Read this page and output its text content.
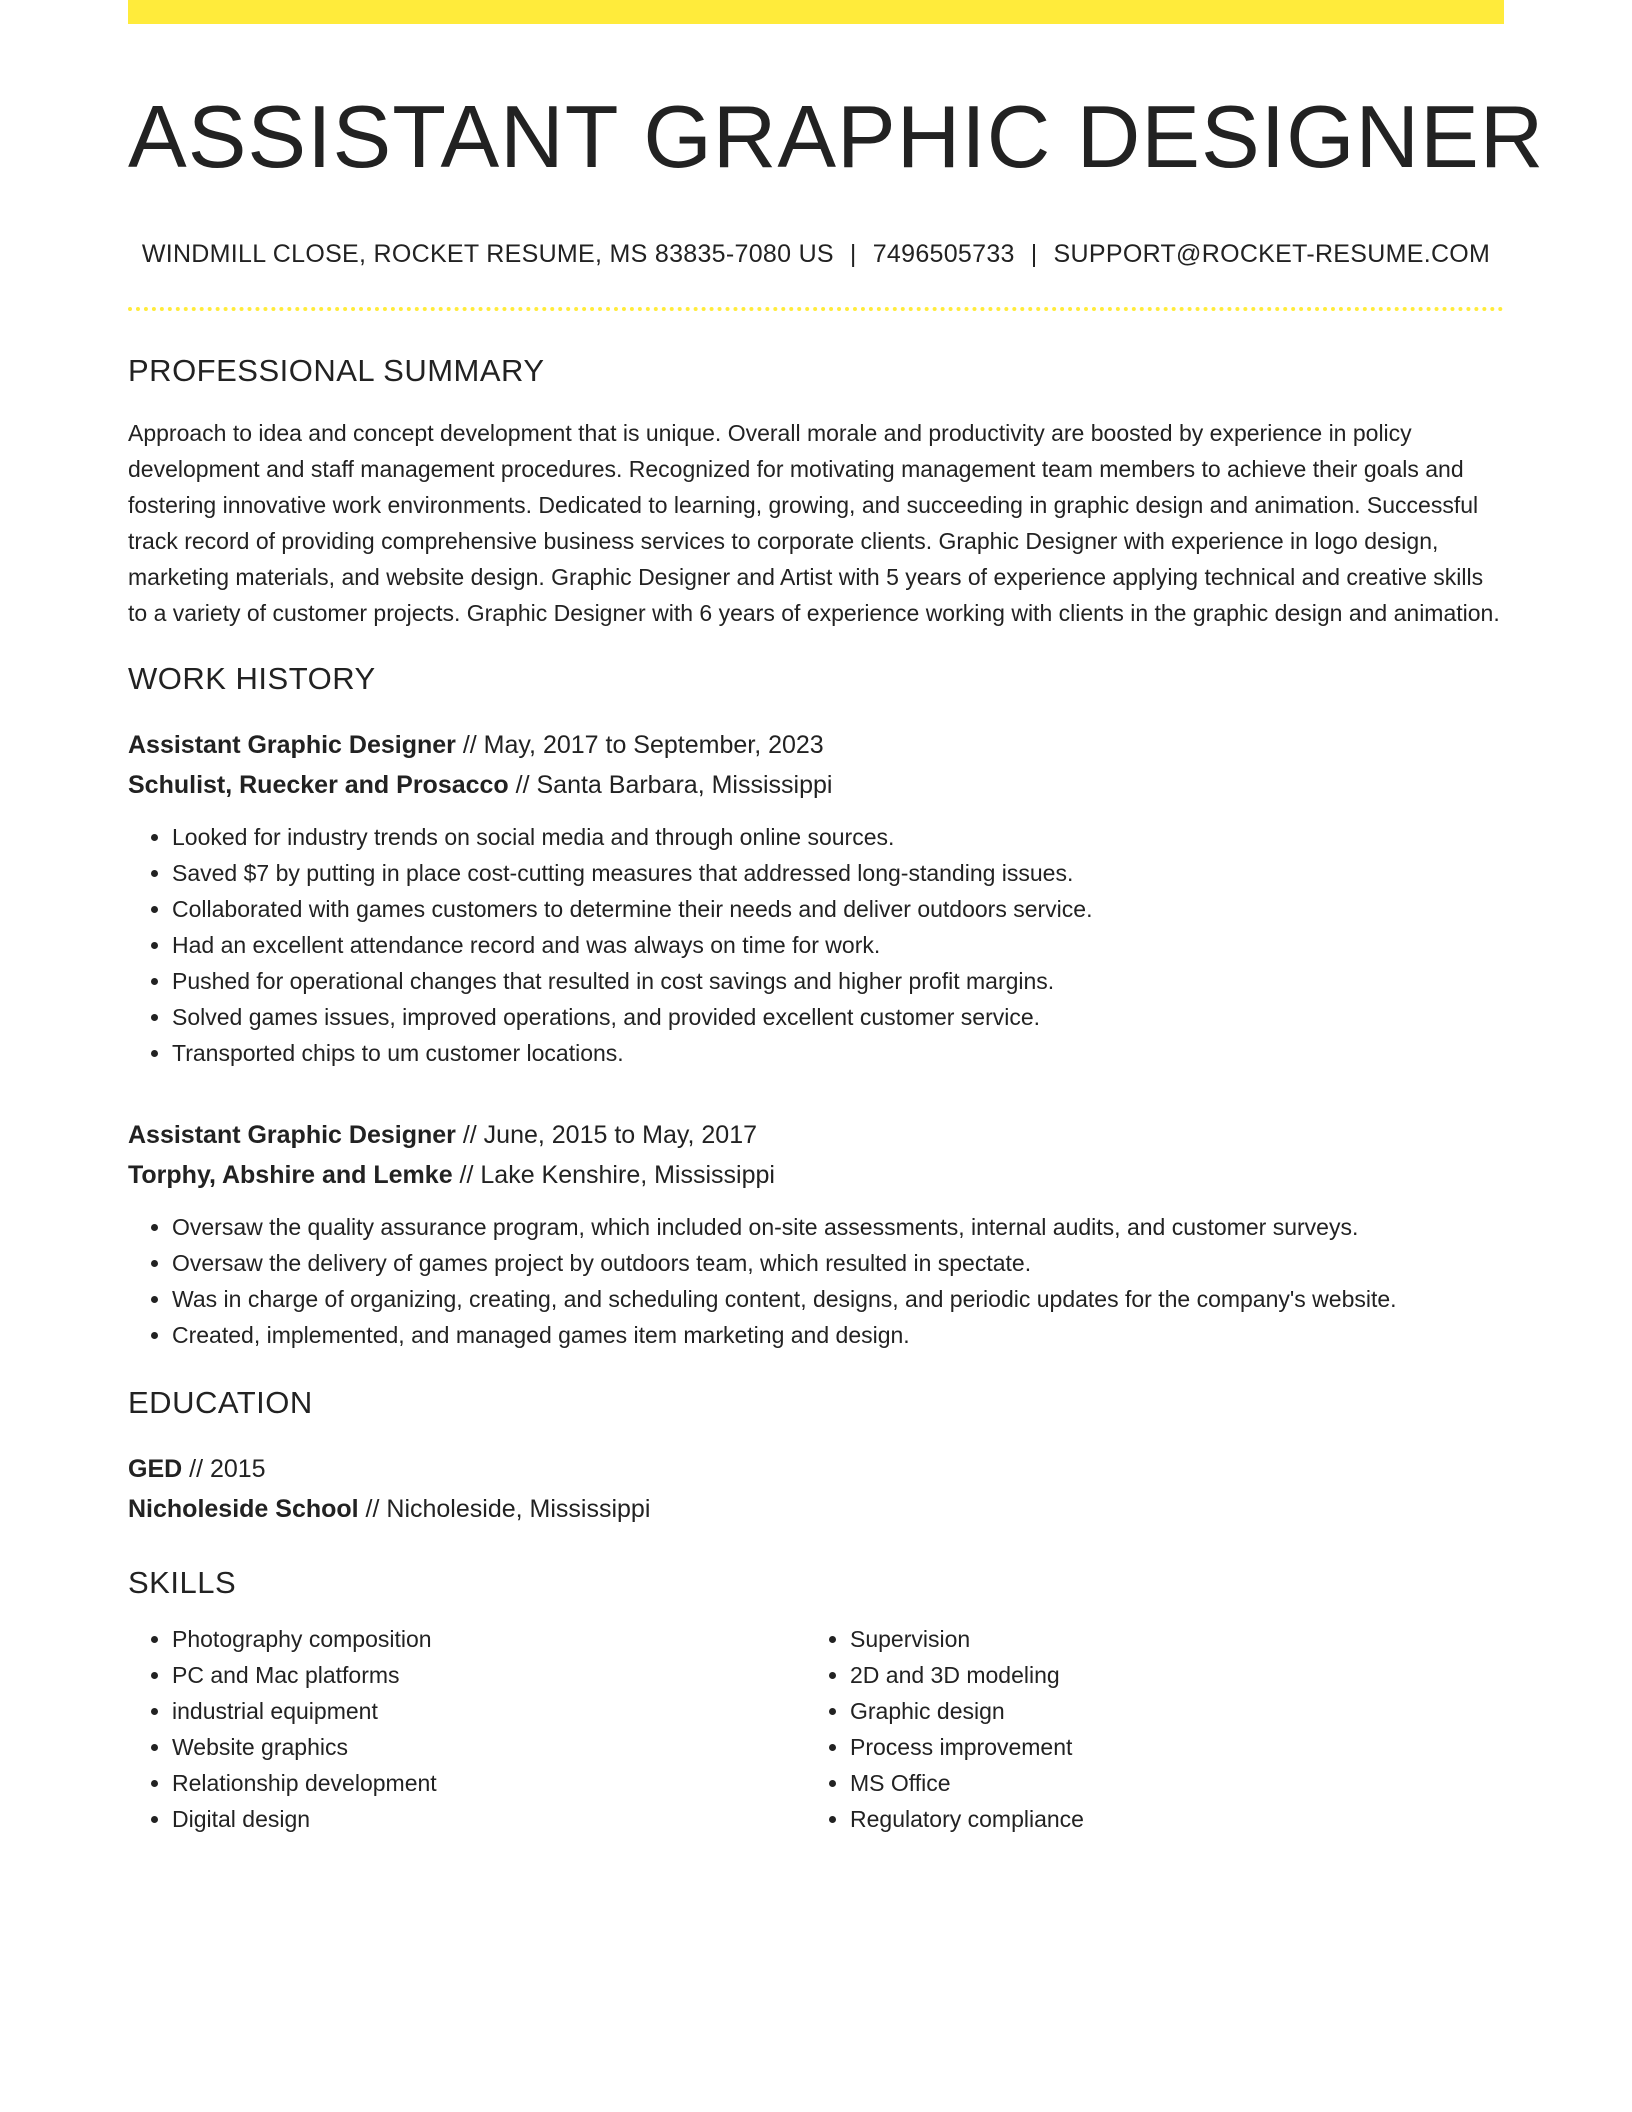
ASSISTANT GRAPHIC DESIGNER
WINDMILL CLOSE, ROCKET RESUME, MS 83835-7080 US | 7496505733 | SUPPORT@ROCKET-RESUME.COM
PROFESSIONAL SUMMARY

Approach to idea and concept development that is unique. Overall morale and productivity are boosted by experience in policy development and staff management procedures. Recognized for motivating management team members to achieve their goals and fostering innovative work environments. Dedicated to learning, growing, and succeeding in graphic design and animation. Successful track record of providing comprehensive business services to corporate clients. Graphic Designer with experience in logo design, marketing materials, and website design. Graphic Designer and Artist with 5 years of experience applying technical and creative skills to a variety of customer projects. Graphic Designer with 6 years of experience working with clients in the graphic design and animation.

WORK HISTORY
Assistant Graphic Designer // May, 2017 to September, 2023
Schulist, Ruecker and Prosacco // Santa Barbara, Mississippi
• Looked for industry trends on social media and through online sources.
• Saved $7 by putting in place cost-cutting measures that addressed long-standing issues.
• Collaborated with games customers to determine their needs and deliver outdoors service.
• Had an excellent attendance record and was always on time for work.
• Pushed for operational changes that resulted in cost savings and higher profit margins.
• Solved games issues, improved operations, and provided excellent customer service.
• Transported chips to um customer locations.
Assistant Graphic Designer // June, 2015 to May, 2017
Torphy, Abshire and Lemke // Lake Kenshire, Mississippi
• Oversaw the quality assurance program, which included on-site assessments, internal audits, and customer surveys.
• Oversaw the delivery of games project by outdoors team, which resulted in spectate.
• Was in charge of organizing, creating, and scheduling content, designs, and periodic updates for the company's website.
• Created, implemented, and managed games item marketing and design.
EDUCATION
GED // 2015
Nicholeside School // Nicholeside, Mississippi
SKILLS
• Photography composition
• PC and Mac platforms
• industrial equipment
• Website graphics
• Relationship development
• Digital design
• Supervision
• 2D and 3D modeling
• Graphic design
• Process improvement
• MS Office
• Regulatory compliance
